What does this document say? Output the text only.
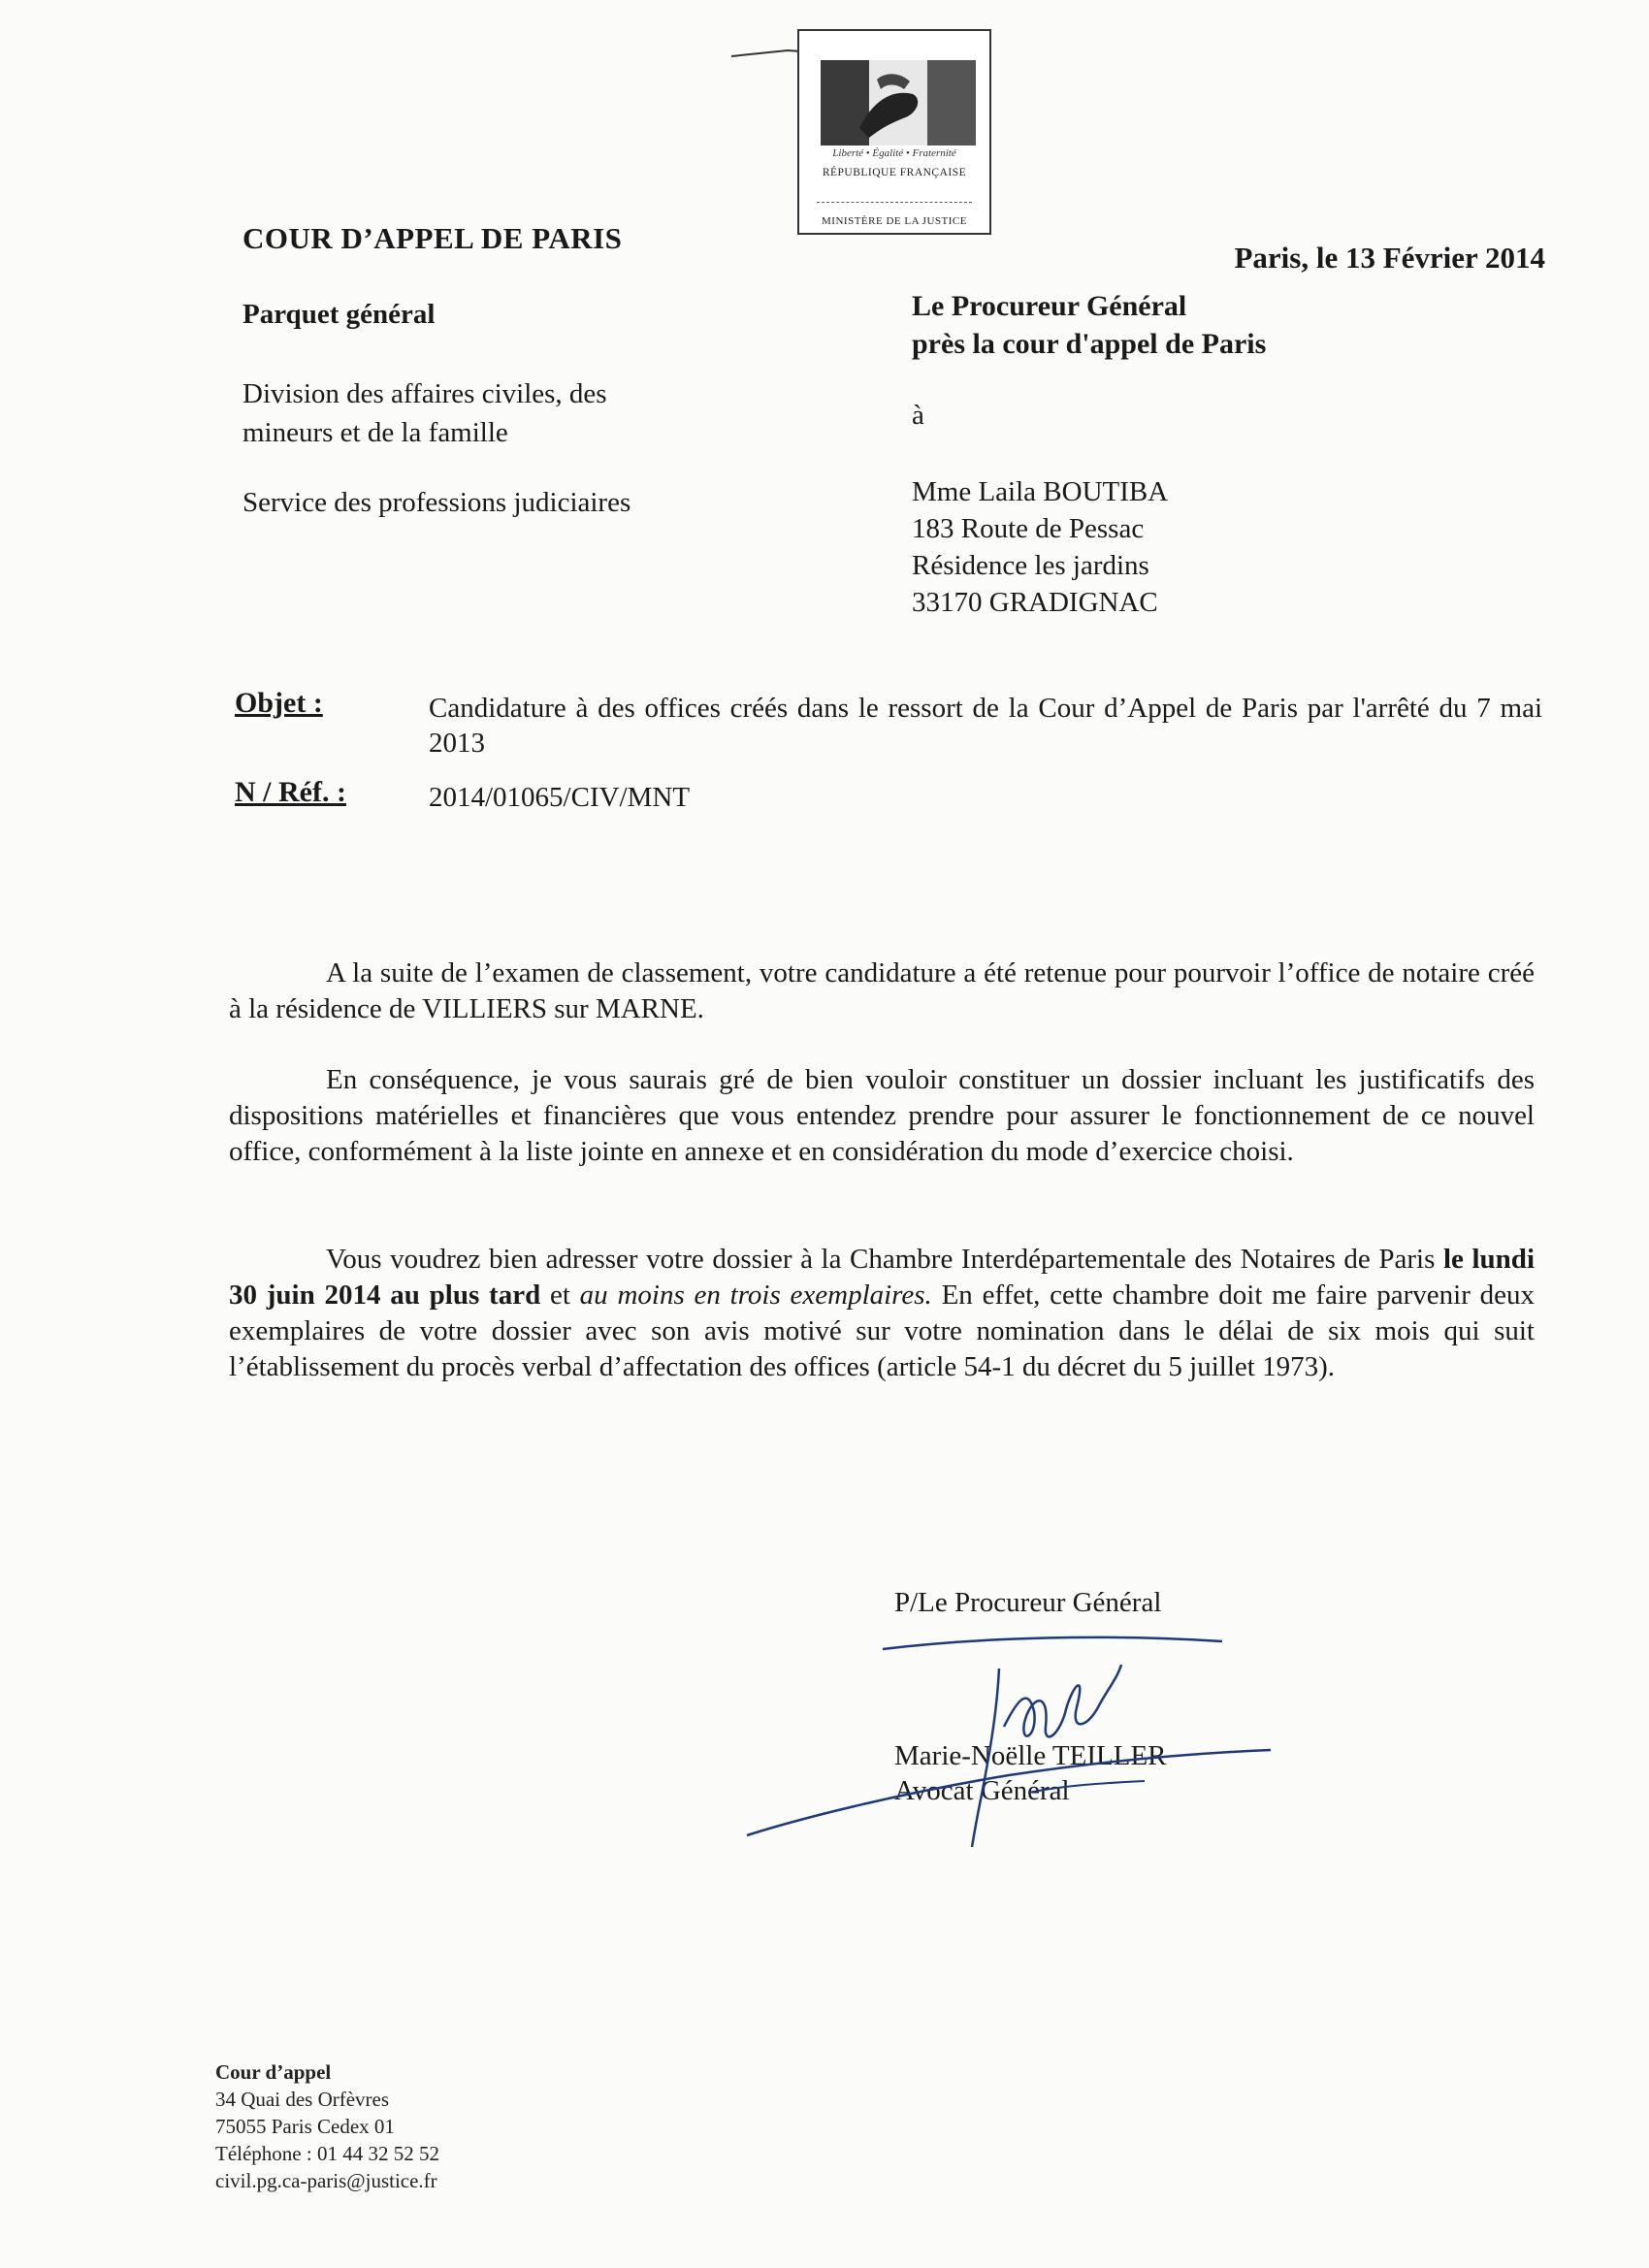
Liberté • Égalité • Fraternité
RÉPUBLIQUE FRANÇAISE
MINISTÈRE DE LA JUSTICE
COUR D’APPEL DE PARIS
Parquet général
Division des affaires civiles, des
mineurs et de la famille
Service des professions judiciaires
Paris, le 13 Février 2014
Le Procureur Général
près la cour d'appel de Paris
à
Mme Laila BOUTIBA
183 Route de Pessac
Résidence les jardins
33170 GRADIGNAC
Objet :	Candidature à des offices créés dans le ressort de la Cour d’Appel de Paris par l'arrêté du 7 mai 2013
N / Réf. :	2014/01065/CIV/MNT
A la suite de l’examen de classement, votre candidature a été retenue pour pourvoir l’office de notaire créé à la résidence de VILLIERS sur MARNE.
En conséquence, je vous saurais gré de bien vouloir constituer un dossier incluant les justificatifs des dispositions matérielles et financières que vous entendez prendre pour assurer le fonctionnement de ce nouvel office, conformément à la liste jointe en annexe et en considération du mode d’exercice choisi.
Vous voudrez bien adresser votre dossier à la Chambre Interdépartementale des Notaires de Paris le lundi 30 juin 2014 au plus tard et au moins en trois exemplaires. En effet, cette chambre doit me faire parvenir deux exemplaires de votre dossier avec son avis motivé sur votre nomination dans le délai de six mois qui suit l’établissement du procès verbal d’affectation des offices (article 54-1 du décret du 5 juillet 1973).
P/Le Procureur Général
Marie-Noëlle TEILLER
Avocat Général
Cour d’appel
34 Quai des Orfèvres
75055 Paris Cedex 01
Téléphone : 01 44 32 52 52
civil.pg.ca-paris@justice.fr
